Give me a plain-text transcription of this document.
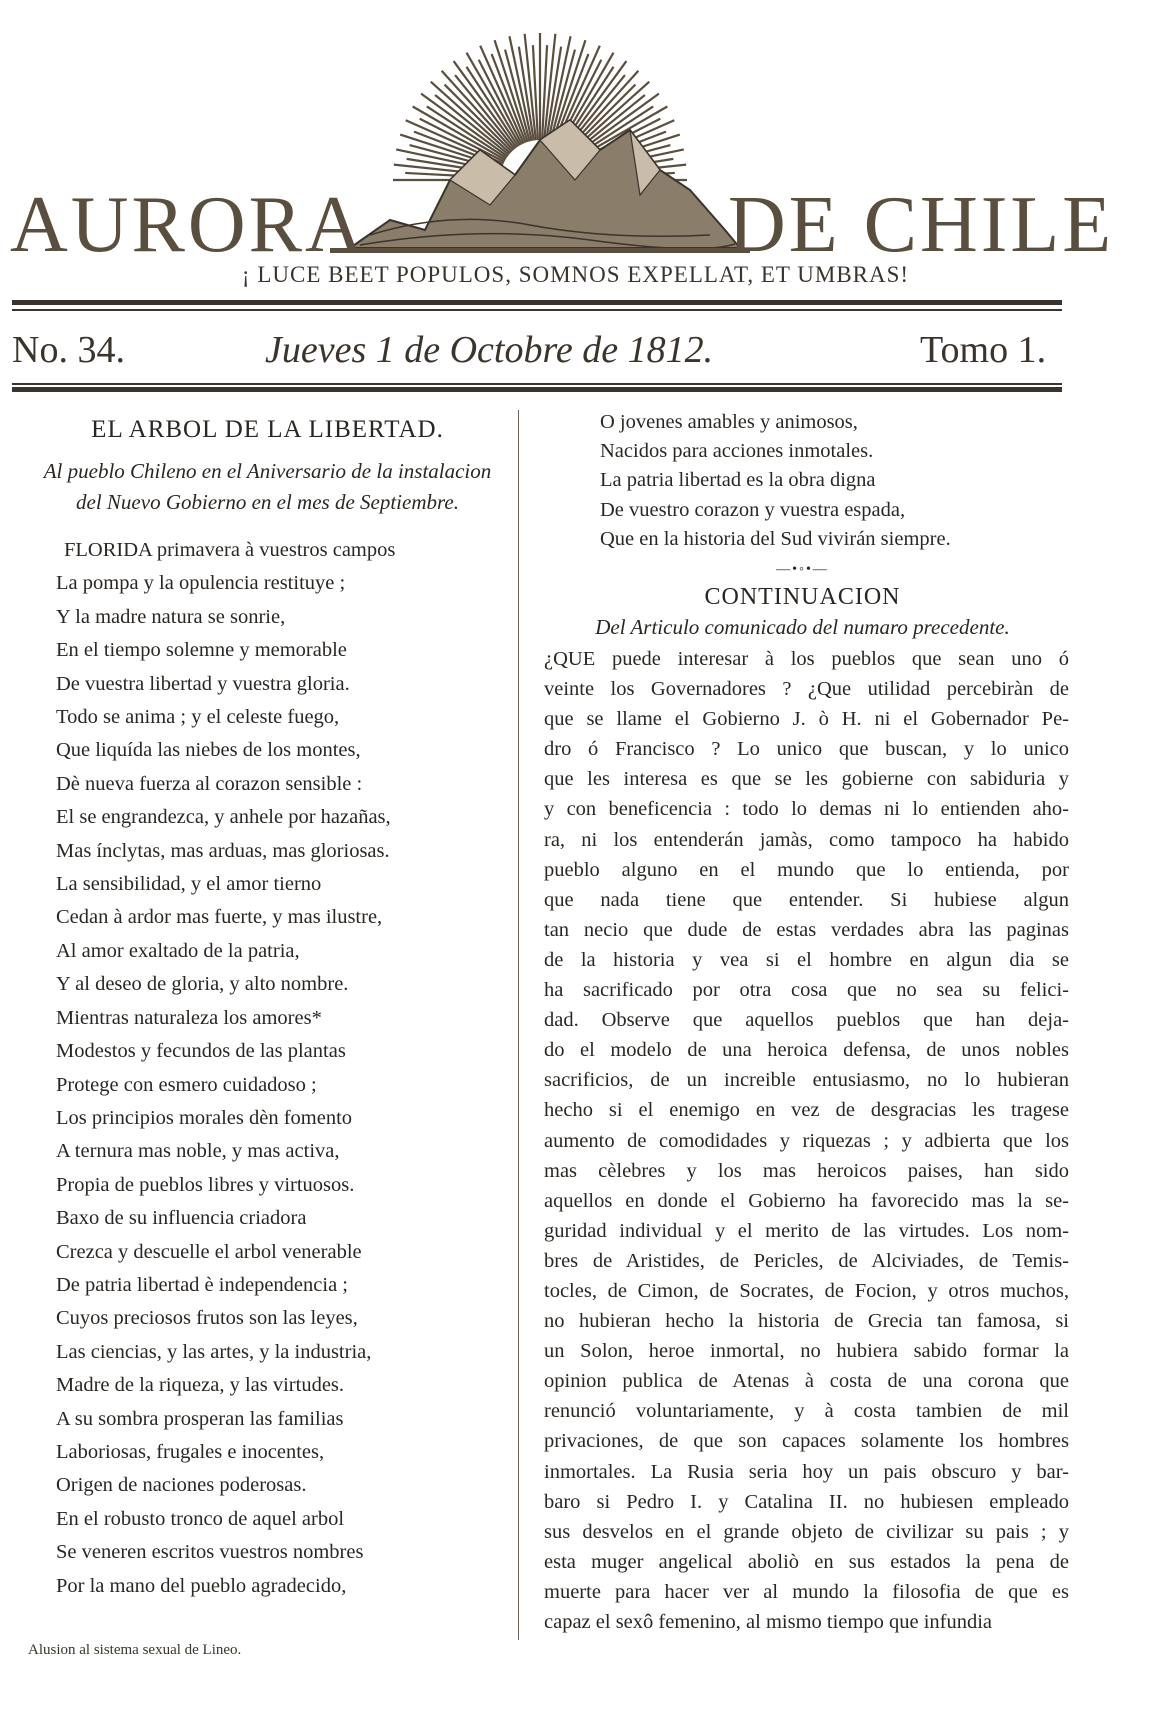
AURORA	DE CHILE
¡ LUCE BEET POPULOS, SOMNOS EXPELLAT, ET UMBRAS!
No. 34.	Jueves 1 de Octobre de 1812.	Tomo 1.
EL ARBOL DE LA LIBERTAD.
Al pueblo Chileno en el Aniversario de la instalacion
del Nuevo Gobierno en el mes de Septiembre.
FLORIDA primavera à vuestros campos
La pompa y la opulencia restituye ;
Y la madre natura se sonrie,
En el tiempo solemne y memorable
De vuestra libertad y vuestra gloria.
Todo se anima ; y el celeste fuego,
Que liquída las niebes de los montes,
Dè nueva fuerza al corazon sensible :
El se engrandezca, y anhele por hazañas,
Mas ínclytas, mas arduas, mas gloriosas.
La sensibilidad, y el amor tierno
Cedan à ardor mas fuerte, y mas ilustre,
Al amor exaltado de la patria,
Y al deseo de gloria, y alto nombre.
Mientras naturaleza los amores*
Modestos y fecundos de las plantas
Protege con esmero cuidadoso ;
Los principios morales dèn fomento
A ternura mas noble, y mas activa,
Propia de pueblos libres y virtuosos.
Baxo de su influencia criadora
Crezca y descuelle el arbol venerable
De patria libertad è independencia ;
Cuyos preciosos frutos son las leyes,
Las ciencias, y las artes, y la industria,
Madre de la riqueza, y las virtudes.
A su sombra prosperan las familias
Laboriosas, frugales e inocentes,
Origen de naciones poderosas.
En el robusto tronco de aquel arbol
Se veneren escritos vuestros nombres
Por la mano del pueblo agradecido,
Alusion al sistema sexual de Lineo.
O jovenes amables y animosos,
Nacidos para acciones inmotales.
La patria libertad es la obra digna
De vuestro corazon y vuestra espada,
Que en la historia del Sud vivirán siempre.
—•◦•—
CONTINUACION
Del Articulo comunicado del numaro precedente.
¿QUE puede interesar à los pueblos que sean uno ó
veinte los Governadores ? ¿Que utilidad percebiràn de
que se llame el Gobierno J. ò H. ni el Gobernador Pe-
dro ó Francisco ? Lo unico que buscan, y lo unico
que les interesa es que se les gobierne con sabiduria y
y con beneficencia : todo lo demas ni lo entienden aho-
ra, ni los entenderán jamàs, como tampoco ha habido
pueblo alguno en el mundo que lo entienda, por
que nada tiene que entender. Si hubiese algun
tan necio que dude de estas verdades abra las paginas
de la historia y vea si el hombre en algun dia se
ha sacrificado por otra cosa que no sea su felici-
dad. Observe que aquellos pueblos que han deja-
do el modelo de una heroica defensa, de unos nobles
sacrificios, de un increible entusiasmo, no lo hubieran
hecho si el enemigo en vez de desgracias les tragese
aumento de comodidades y riquezas ; y adbierta que los
mas cèlebres y los mas heroicos paises, han sido
aquellos en donde el Gobierno ha favorecido mas la se-
guridad individual y el merito de las virtudes. Los nom-
bres de Aristides, de Pericles, de Alciviades, de Temis-
tocles, de Cimon, de Socrates, de Focion, y otros muchos,
no hubieran hecho la historia de Grecia tan famosa, si
un Solon, heroe inmortal, no hubiera sabido formar la
opinion publica de Atenas à costa de una corona que
renunció voluntariamente, y à costa tambien de mil
privaciones, de que son capaces solamente los hombres
inmortales. La Rusia seria hoy un pais obscuro y bar-
baro si Pedro I. y Catalina II. no hubiesen empleado
sus desvelos en el grande objeto de civilizar su pais ; y
esta muger angelical aboliò en sus estados la pena de
muerte para hacer ver al mundo la filosofia de que es
capaz el sexô femenino, al mismo tiempo que infundia
